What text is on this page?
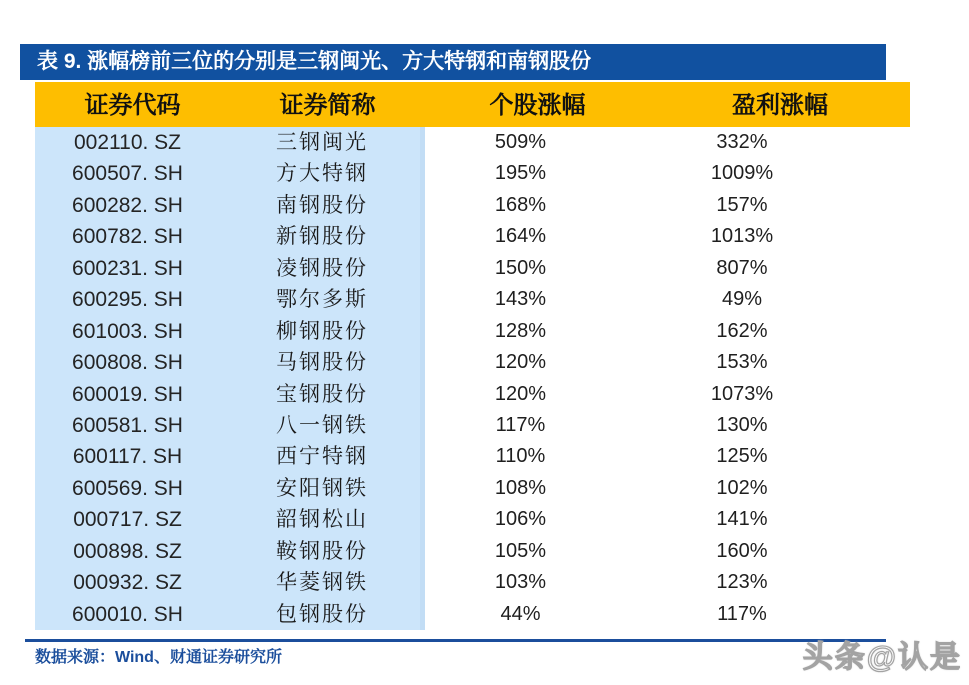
表 9. 涨幅榜前三位的分别是三钢闽光、方大特钢和南钢股份
证券代码	证券简称	个股涨幅	盈利涨幅
002110. SZ	三钢闽光	509%	332%
600507. SH	方大特钢	195%	1009%
600282. SH	南钢股份	168%	157%
600782. SH	新钢股份	164%	1013%
600231. SH	凌钢股份	150%	807%
600295. SH	鄂尔多斯	143%	49%
601003. SH	柳钢股份	128%	162%
600808. SH	马钢股份	120%	153%
600019. SH	宝钢股份	120%	1073%
600581. SH	八一钢铁	117%	130%
600117. SH	西宁特钢	110%	125%
600569. SH	安阳钢铁	108%	102%
000717. SZ	韶钢松山	106%	141%
000898. SZ	鞍钢股份	105%	160%
000932. SZ	华菱钢铁	103%	123%
600010. SH	包钢股份	44%	117%
数据来源：Wind、财通证券研究所	头条@认是
